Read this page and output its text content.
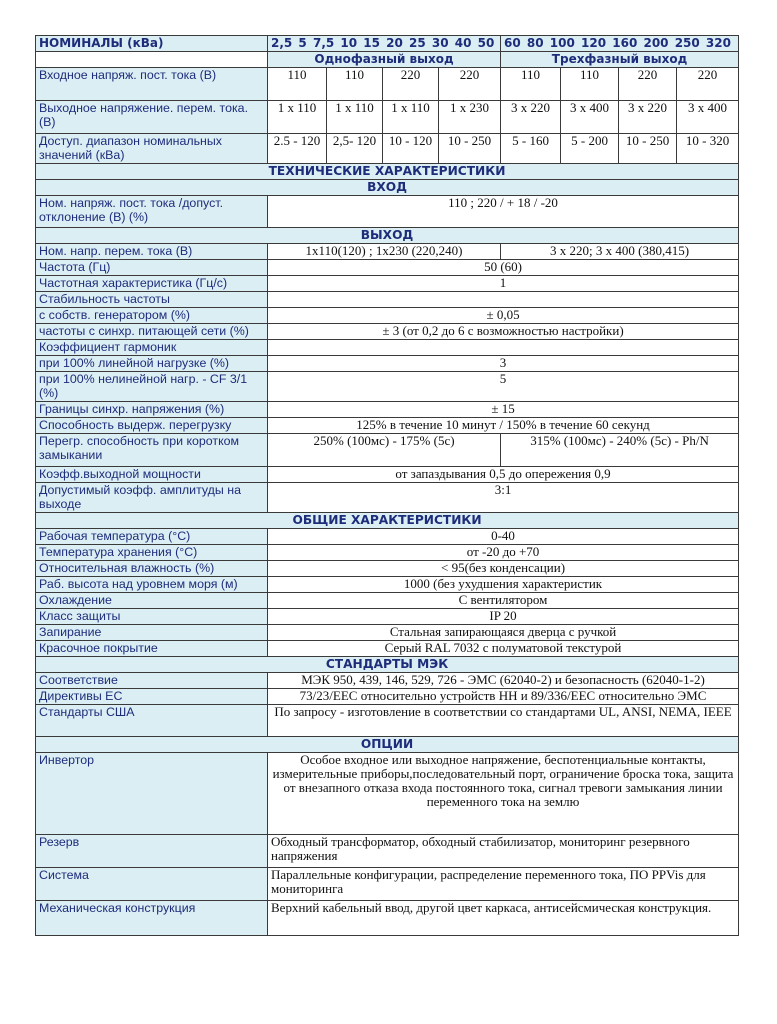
НОМИНАЛЫ (кВа)	2,5 5 7,5 10 15 20 25 30 40 50				60 80 100 120 160 200 250 320			
	Однофазный выход				Трехфазный выход			
Входное напряж. пост. тока (В)	110	110	220	220	110	110	220	220
Выходное напряжение. перем. тока. (В)	1 х 110	1 х 110	1 х 110	1 х 230	3 х 220	3 х 400	3 х 220	3 х 400
Доступ. диапазон номинальных значений (кВа)	2.5 - 120	2,5- 120	10 - 120	10 - 250	5 - 160	5 - 200	10 - 250	10 - 320
ТЕХНИЧЕСКИЕ ХАРАКТЕРИСТИКИ								
ВХОД								
Ном. напряж. пост. тока /допуст. отклонение (В) (%)	110 ; 220 / + 18 / -20							
ВЫХОД								
Ном. напр. перем. тока (В)	1х110(120) ; 1х230 (220,240)				3 х 220; 3 х 400 (380,415)			
Частота (Гц)	50 (60)							
Частотная характеристика (Гц/с)	1							
Стабильность частоты								
с собств. генератором (%)	± 0,05							
частоты с синхр. питающей сети (%)	± 3 (от 0,2 до 6 с возможностью настройки)							
Коэффициент гармоник								
при 100% линейной нагрузке (%)	3							
при 100% нелинейной нагр. - CF 3/1 (%)	5							
Границы синхр. напряжения (%)	± 15							
Способность выдерж. перегрузку	125% в течение 10 минут / 150% в течение 60 секунд							
Перегр. способность при коротком замыкании	250% (100мс) - 175% (5с)				315% (100мс) - 240% (5с) - Ph/N			
Коэфф.выходной мощности	от запаздывания 0,5 до опережения 0,9							
Допустимый коэфф. амплитуды на выходе	3:1							
ОБЩИЕ ХАРАКТЕРИСТИКИ								
Рабочая температура (°С)	0-40							
Температура хранения (°С)	от -20 до +70							
Относительная влажность (%)	< 95(без конденсации)							
Раб. высота над уровнем моря (м)	1000 (без ухудшения характеристик							
Охлаждение	С вентилятором							
Класс защиты	IP 20							
Запирание	Стальная запирающаяся дверца с ручкой							
Красочное покрытие	Серый RAL 7032 с полуматовой текстурой							
СТАНДАРТЫ МЭК								
Соответствие	МЭК 950, 439, 146, 529, 726 - ЭМС (62040-2) и безопасность (62040-1-2)							
Директивы ЕС	73/23/ЕЕС относительно устройств НН и 89/336/ЕЕС относительно ЭМС							
Стандарты США	По запросу - изготовление в соответствии со стандартами UL, ANSI, NEMA, IEEE							
ОПЦИИ								
Инвертор	Особое входное или выходное напряжение, беспотенциальные контакты, измерительные приборы,последовательный порт, ограничение броска тока, защита от внезапного отказа входа постоянного тока, сигнал тревоги замыкания линии переменного тока на землю							
Резерв	Обходный трансформатор, обходный стабилизатор, мониторинг резервного напряжения							
Система	Параллельные конфигурации, распределение переменного тока, ПО PPVis для мониторинга							
Механическая конструкция	Верхний кабельный ввод, другой цвет каркаса, антисейсмическая конструкция.							
